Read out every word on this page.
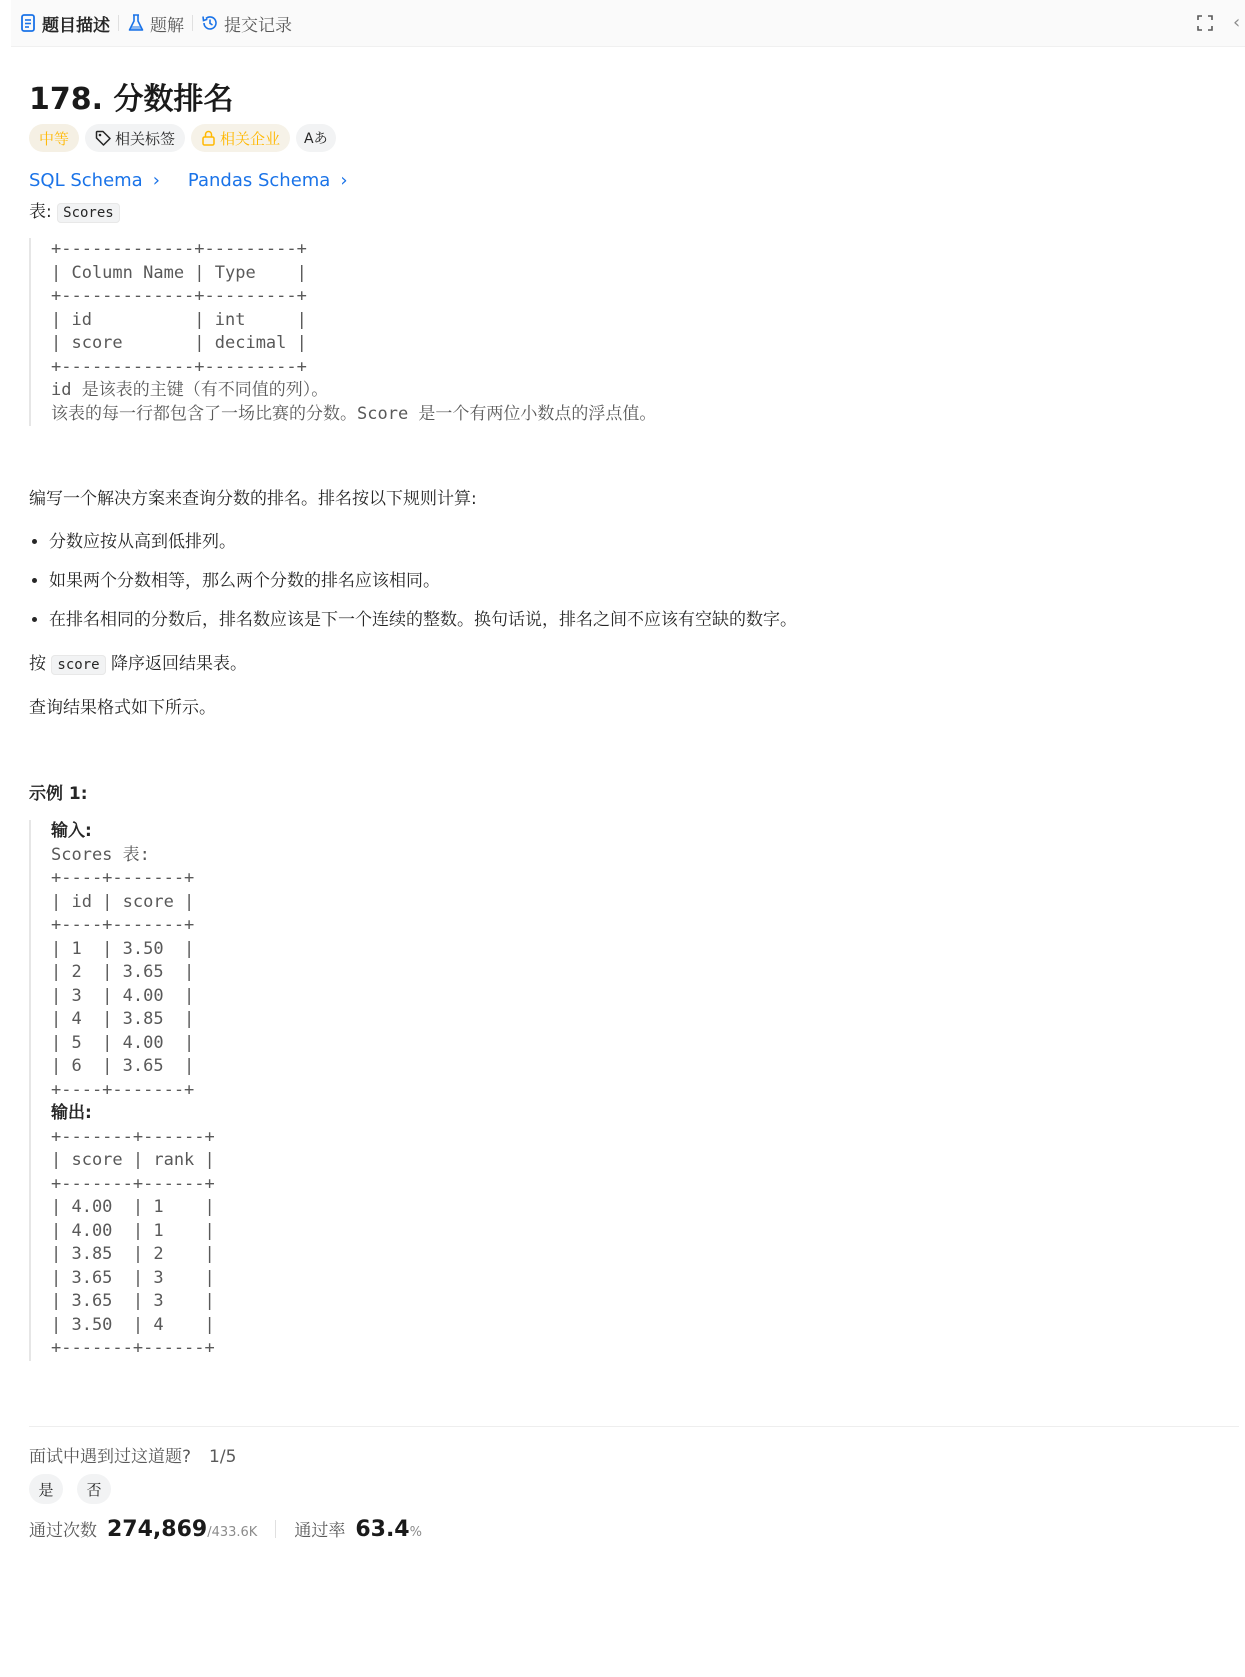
题目描述 题解 提交记录	‹
178. 分数排名
中等	相关标签	相关企业 Aあ
SQL Schema › Pandas Schema ›
表: Scores
+-------------+---------+
| Column Name | Type    |
+-------------+---------+
| id          | int     |
| score       | decimal |
+-------------+---------+
id 是该表的主键（有不同值的列）。
该表的每一行都包含了一场比赛的分数。Score 是一个有两位小数点的浮点值。
编写一个解决方案来查询分数的排名。排名按以下规则计算:
• 分数应按从高到低排列。
• 如果两个分数相等，那么两个分数的排名应该相同。
• 在排名相同的分数后，排名数应该是下一个连续的整数。换句话说，排名之间不应该有空缺的数字。
按 score 降序返回结果表。
查询结果格式如下所示。
示例 1:
输入:
Scores 表:
+----+-------+
| id | score |
+----+-------+
| 1  | 3.50  |
| 2  | 3.65  |
| 3  | 4.00  |
| 4  | 3.85  |
| 5  | 4.00  |
| 6  | 3.65  |
+----+-------+
输出:
+-------+------+
| score | rank |
+-------+------+
| 4.00  | 1    |
| 4.00  | 1    |
| 3.85  | 2    |
| 3.65  | 3    |
| 3.65  | 3    |
| 3.50  | 4    |
+-------+------+
面试中遇到过这道题? 1/5
是	否
通过次数 274,869 /433.6K 通过率 63.4 %
